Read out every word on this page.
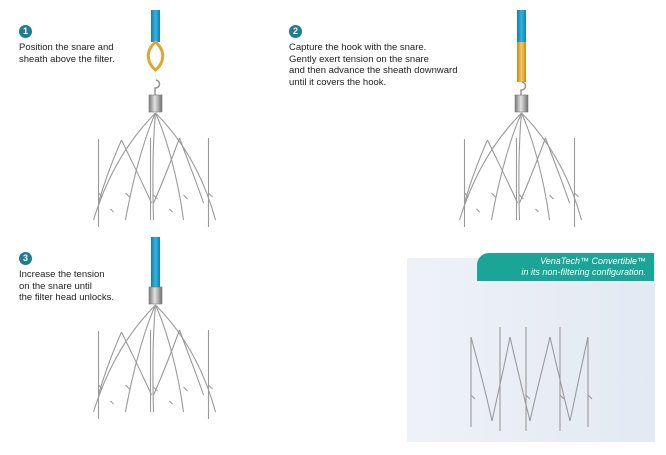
1
Position the snare and
sheath above the filter.
2
Capture the hook with the snare.
Gently exert tension on the snare
and then advance the sheath downward
until it covers the hook.
3
Increase the tension
on the snare until
the filter head unlocks.
VenaTech™ Convertible™
in its non-filtering configuration.
